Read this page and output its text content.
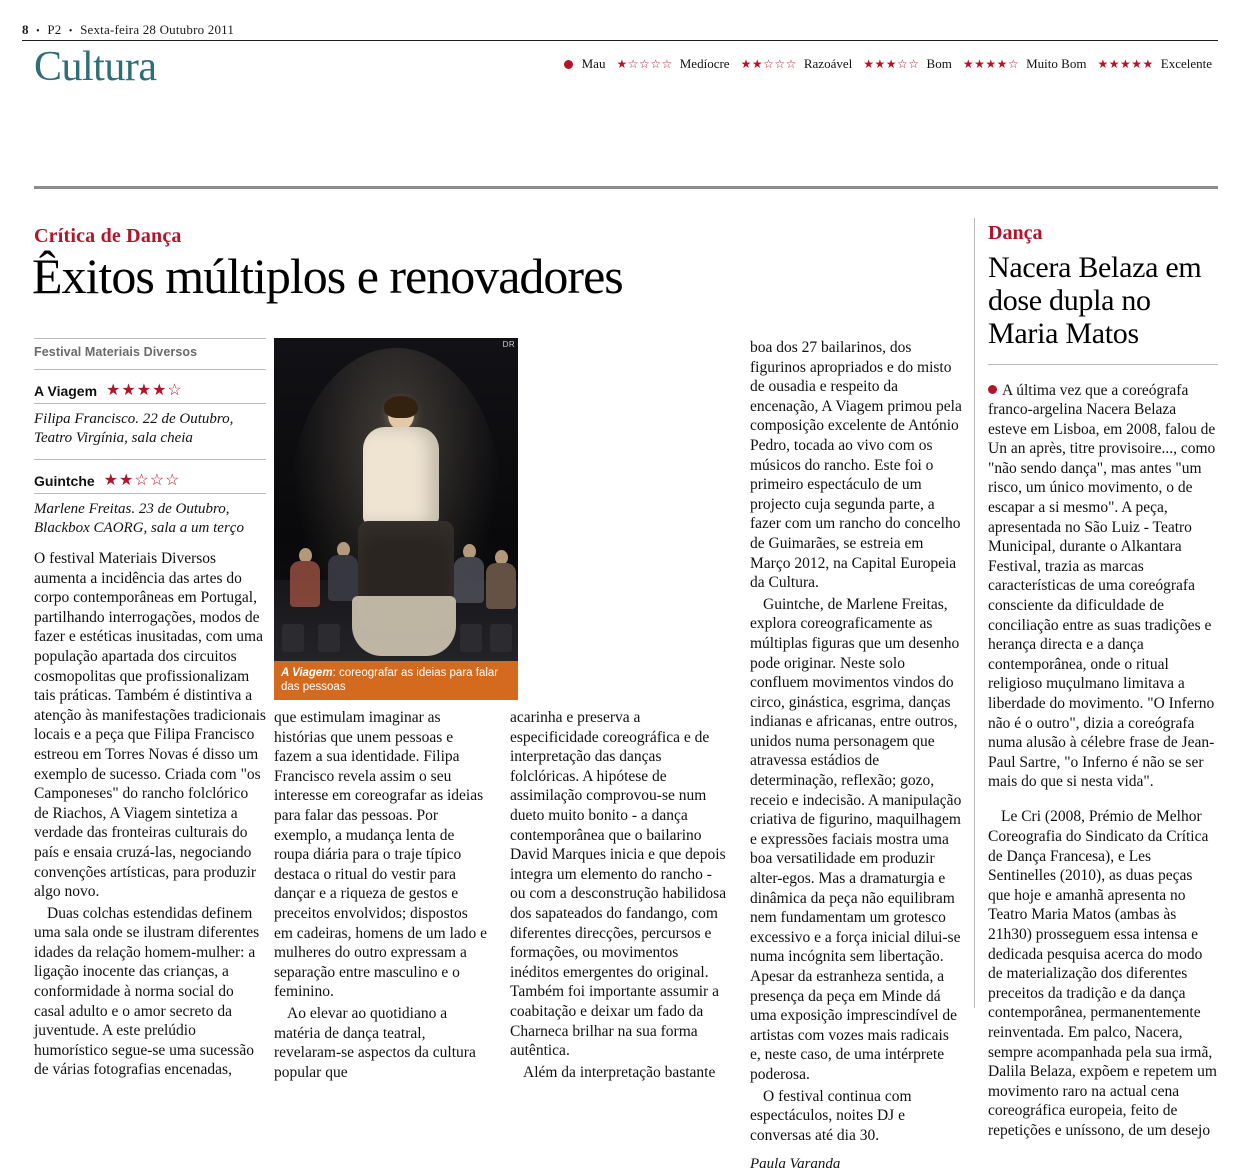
8 • P2 • Sexta-feira 28 Outubro 2011
Cultura	Mau ★☆☆☆☆ Medíocre ★★☆☆☆ Razoável ★★★☆☆ Bom ★★★★☆ Muito Bom ★★★★★ Excelente
Crítica de Dança
Êxitos múltiplos e renovadores
Festival Materiais Diversos
A Viagem ★★★★☆
Filipa Francisco. 22 de Outubro, Teatro Virgínia, sala cheia
Guintche ★★☆☆☆
Marlene Freitas. 23 de Outubro, Blackbox CAORG, sala a um terço

O festival Materiais Diversos aumenta a incidência das artes do corpo contemporâneas em Portugal, partilhando interrogações, modos de fazer e estéticas inusitadas, com uma população apartada dos circuitos cosmopolitas que profissionalizam tais práticas. Também é distintiva a atenção às manifestações tradicionais locais e a peça que Filipa Francisco estreou em Torres Novas é disso um exemplo de sucesso. Criada com "os Camponeses" do rancho folclórico de Riachos, A Viagem sintetiza a verdade das fronteiras culturais do país e ensaia cruzá-las, negociando convenções artísticas, para produzir algo novo.

Duas colchas estendidas definem uma sala onde se ilustram diferentes idades da relação homem-mulher: a ligação inocente das crianças, a conformidade à norma social do casal adulto e o amor secreto da juventude. A este prelúdio humorístico segue-se uma sucessão de várias fotografias encenadas,

DR
A Viagem: coreografar as ideias para falar das pessoas

que estimulam imaginar as histórias que unem pessoas e fazem a sua identidade. Filipa Francisco revela assim o seu interesse em coreografar as ideias para falar das pessoas. Por exemplo, a mudança lenta de roupa diária para o traje típico destaca o ritual do vestir para dançar e a riqueza de gestos e preceitos envolvidos; dispostos em cadeiras, homens de um lado e mulheres do outro expressam a separação entre masculino e o feminino.

Ao elevar ao quotidiano a matéria de dança teatral, revelaram-se aspectos da cultura popular que

acarinha e preserva a especificidade coreográfica e de interpretação das danças folclóricas. A hipótese de assimilação comprovou-se num dueto muito bonito - a dança contemporânea que o bailarino David Marques inicia e que depois integra um elemento do rancho - ou com a desconstrução habilidosa dos sapateados do fandango, com diferentes direcções, percursos e formações, ou movimentos inéditos emergentes do original. Também foi importante assumir a coabitação e deixar um fado da Charneca brilhar na sua forma autêntica.

Além da interpretação bastante

boa dos 27 bailarinos, dos figurinos apropriados e do misto de ousadia e respeito da encenação, A Viagem primou pela composição excelente de António Pedro, tocada ao vivo com os músicos do rancho. Este foi o primeiro espectáculo de um projecto cuja segunda parte, a fazer com um rancho do concelho de Guimarães, se estreia em Março 2012, na Capital Europeia da Cultura.

Guintche, de Marlene Freitas, explora coreograficamente as múltiplas figuras que um desenho pode originar. Neste solo confluem movimentos vindos do circo, ginástica, esgrima, danças indianas e africanas, entre outros, unidos numa personagem que atravessa estádios de determinação, reflexão; gozo, receio e indecisão. A manipulação criativa de figurino, maquilhagem e expressões faciais mostra uma boa versatilidade em produzir alter-egos. Mas a dramaturgia e dinâmica da peça não equilibram nem fundamentam um grotesco excessivo e a força inicial dilui-se numa incógnita sem libertação. Apesar da estranheza sentida, a presença da peça em Minde dá uma exposição imprescindível de artistas com vozes mais radicais e, neste caso, de uma intérprete poderosa.

O festival continua com espectáculos, noites DJ e conversas até dia 30.

Paula Varanda
Dança
Nacera Belaza em dose dupla no Maria Matos

A última vez que a coreógrafa franco-argelina Nacera Belaza esteve em Lisboa, em 2008, falou de Un an après, titre provisoire..., como "não sendo dança", mas antes "um risco, um único movimento, o de escapar a si mesmo". A peça, apresentada no São Luiz - Teatro Municipal, durante o Alkantara Festival, trazia as marcas características de uma coreógrafa consciente da dificuldade de conciliação entre as suas tradições e herança directa e a dança contemporânea, onde o ritual religioso muçulmano limitava a liberdade do movimento. "O Inferno não é o outro", dizia a coreógrafa numa alusão à célebre frase de Jean-Paul Sartre, "o Inferno é não se ser mais do que si nesta vida".

Le Cri (2008, Prémio de Melhor Coreografia do Sindicato da Crítica de Dança Francesa), e Les Sentinelles (2010), as duas peças que hoje e amanhã apresenta no Teatro Maria Matos (ambas às 21h30) prosseguem essa intensa e dedicada pesquisa acerca do modo de materialização dos diferentes preceitos da tradição e da dança contemporânea, permanentemente reinventada. Em palco, Nacera, sempre acompanhada pela sua irmã, Dalila Belaza, expõem e repetem um movimento raro na actual cena coreográfica europeia, feito de repetições e uníssono, de um desejo
